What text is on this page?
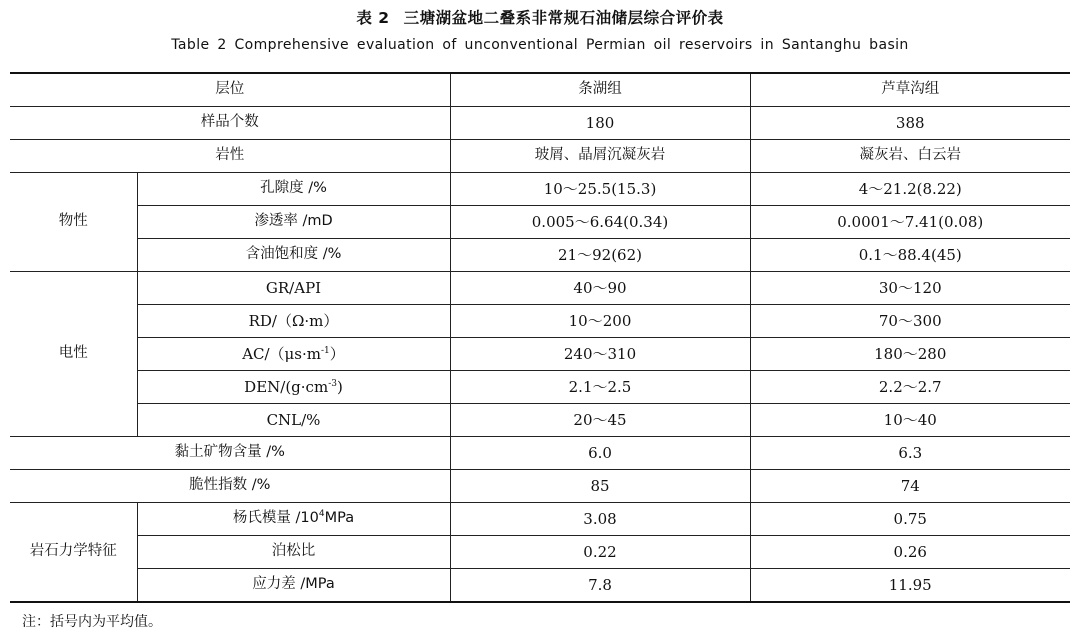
表 2 三塘湖盆地二叠系非常规石油储层综合评价表
Table 2 Comprehensive evaluation of unconventional Permian oil reservoirs in Santanghu basin
层位		条湖组	芦草沟组
样品个数		180	388
岩性		玻屑、晶屑沉凝灰岩	凝灰岩、白云岩
物性	孔隙度 /%	10～25.5(15.3)	4～21.2(8.22)
	渗透率 /mD	0.005～6.64(0.34)	0.0001～7.41(0.08)
	含油饱和度 /%	21～92(62)	0.1～88.4(45)
电性	GR/API	40～90	30～120
	RD/（Ω·m）	10～200	70～300
	$AC/(\mu s\cdot m^{-1})$	240～310	180～280
	DEN/$(g\cdot cm^{-3})$	2.1～2.5	2.2～2.7
	CNL/%	20～45	10～40
黏土矿物含量 /%		6.0	6.3
脆性指数 /%		85	74
岩石力学特征	杨氏模量 $/10^4MPa$	3.08	0.75
	泊松比	0.22	0.26
	应力差 /MPa	7.8	11.95
注：括号内为平均值。
